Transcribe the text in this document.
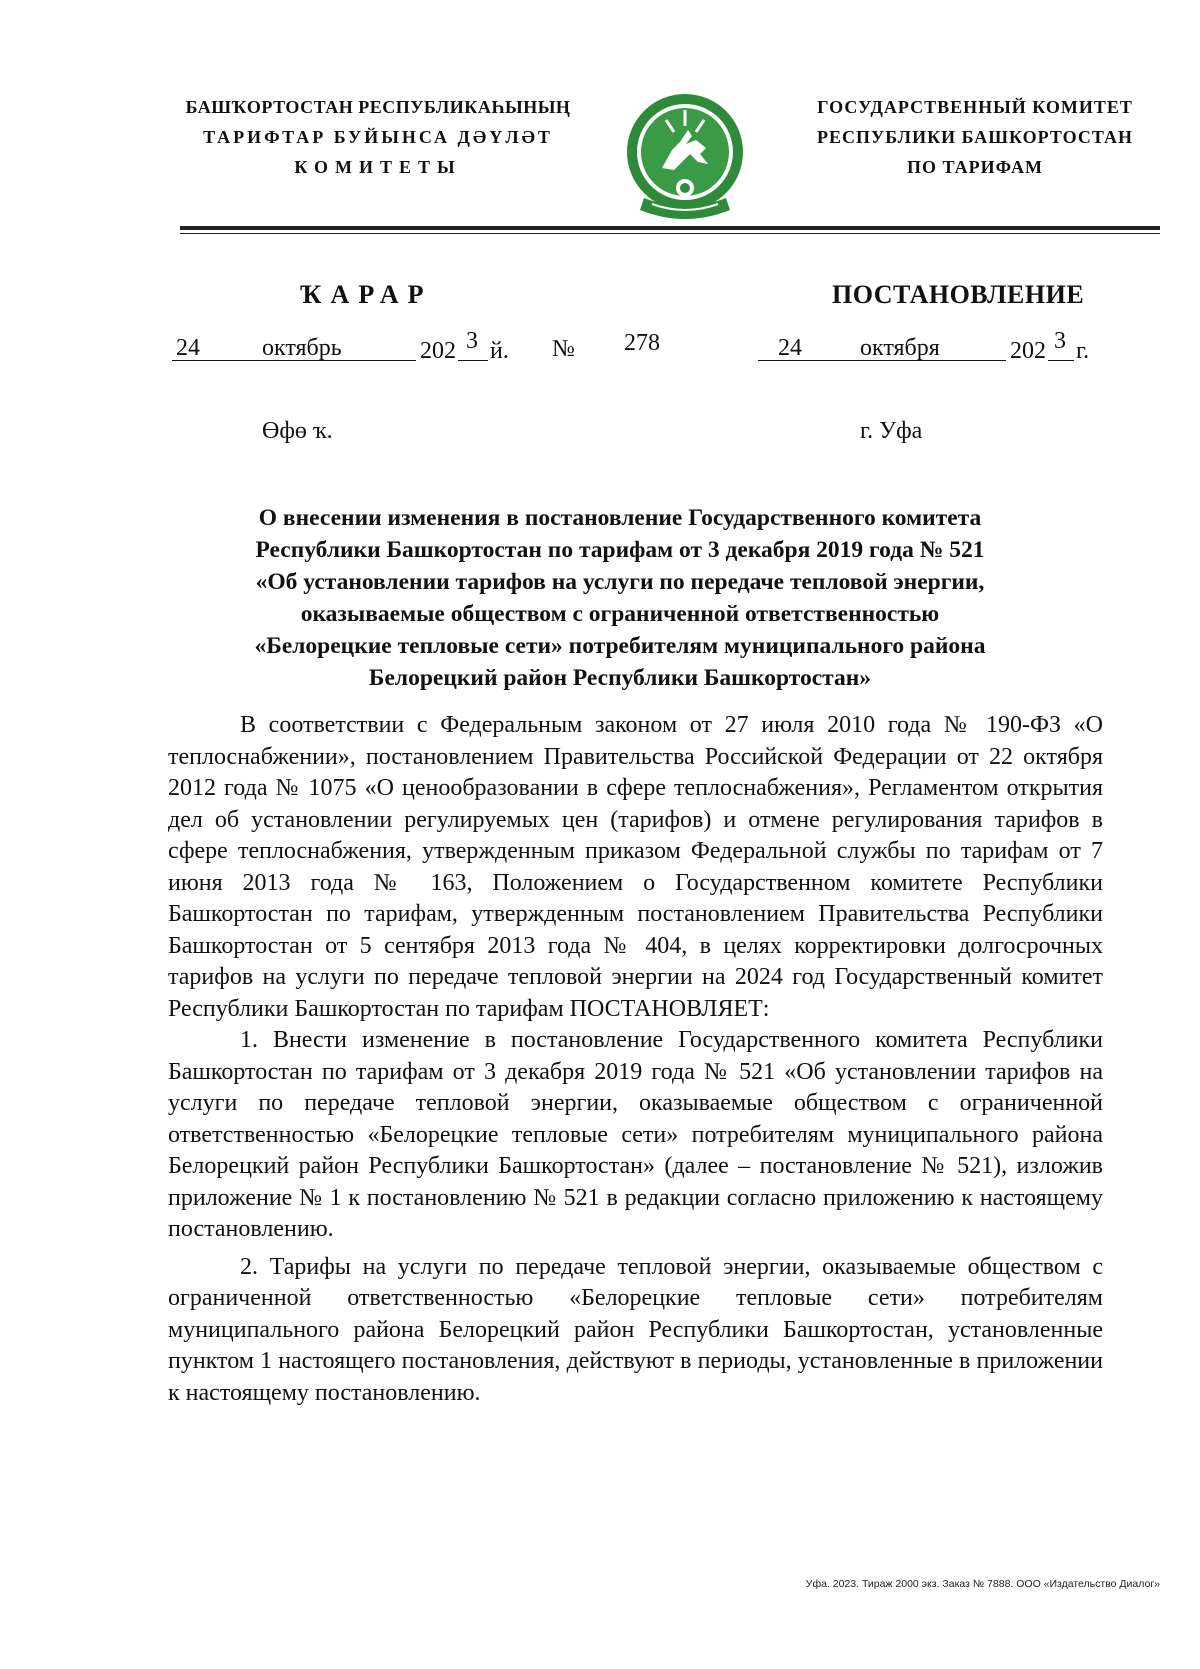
БАШҠОРТОСТАН РЕСПУБЛИКАҺЫНЫҢ
ТАРИФТАР БУЙЫНСА ДӘҮЛӘТ
КОМИТЕТЫ
ГОСУДАРСТВЕННЫЙ КОМИТЕТ
РЕСПУБЛИКИ БАШКОРТОСТАН
ПО ТАРИФАМ
ҠАРАР	ПОСТАНОВЛЕНИЕ
24	октябрь	202 3 й. № 278	24 октября	202 3 г.
Өфө ҡ.	г. Уфа
О внесении изменения в постановление Государственного комитета
Республики Башкортостан по тарифам от 3 декабря 2019 года № 521
«Об установлении тарифов на услуги по передаче тепловой энергии,
оказываемые обществом с ограниченной ответственностью
«Белорецкие тепловые сети» потребителям муниципального района
Белорецкий район Республики Башкортостан»

В соответствии с Федеральным законом от 27 июля 2010 года № 190-ФЗ «О теплоснабжении», постановлением Правительства Российской Федерации от 22 октября 2012 года № 1075 «О ценообразовании в сфере теплоснабжения», Регламентом открытия дел об установлении регулируемых цен (тарифов) и отмене регулирования тарифов в сфере теплоснабжения, утвержденным приказом Федеральной службы по тарифам от 7 июня 2013 года № 163, Положением о Государственном комитете Республики Башкортостан по тарифам, утвержденным постановлением Правительства Республики Башкортостан от 5 сентября 2013 года № 404, в целях корректировки долгосрочных тарифов на услуги по передаче тепловой энергии на 2024 год Государственный комитет Республики Башкортостан по тарифам ПОСТАНОВЛЯЕТ:

1. Внести изменение в постановление Государственного комитета Республики Башкортостан по тарифам от 3 декабря 2019 года № 521 «Об установлении тарифов на услуги по передаче тепловой энергии, оказываемые обществом с ограниченной ответственностью «Белорецкие тепловые сети» потребителям муниципального района Белорецкий район Республики Башкортостан» (далее – постановление № 521), изложив приложение № 1 к постановлению № 521 в редакции согласно приложению к настоящему постановлению.

2. Тарифы на услуги по передаче тепловой энергии, оказываемые обществом с ограниченной ответственностью «Белорецкие тепловые сети» потребителям муниципального района Белорецкий район Республики Башкортостан, установленные пунктом 1 настоящего постановления, действуют в периоды, установленные в приложении к настоящему постановлению.

Уфа. 2023. Тираж 2000 экз. Заказ № 7888. ООО «Издательство Диалог»
